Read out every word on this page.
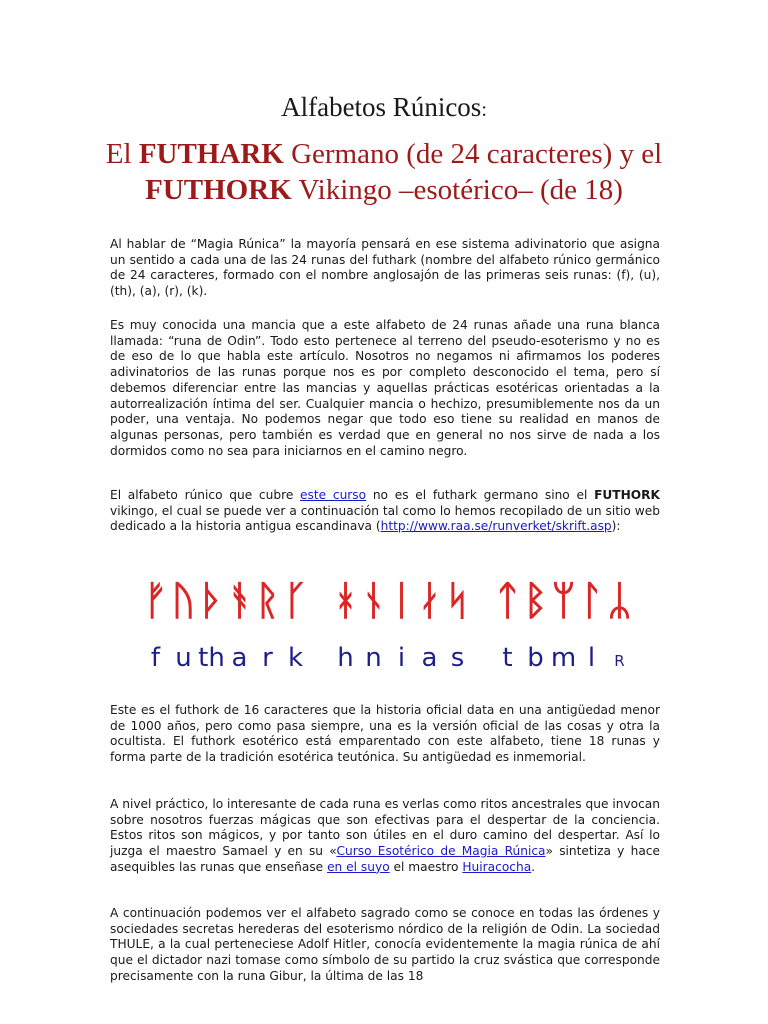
Alfabetos Rúnicos:
El FUTHARK Germano (de 24 caracteres) y el
FUTHORK Vikingo –esotérico– (de 18)

Al hablar de “Magia Rúnica” la mayoría pensará en ese sistema adivinatorio que asigna un sentido a cada una de las 24 runas del futhark (nombre del alfabeto rúnico germánico de 24 caracteres, formado con el nombre anglosajón de las primeras seis runas: (f), (u), (th), (a), (r), (k).

Es muy conocida una mancia que a este alfabeto de 24 runas añade una runa blanca llamada: “runa de Odin”. Todo esto pertenece al terreno del pseudo-esoterismo y no es de eso de lo que habla este artículo. Nosotros no negamos ni afirmamos los poderes adivinatorios de las runas porque nos es por completo desconocido el tema, pero sí debemos diferenciar entre las mancias y aquellas prácticas esotéricas orientadas a la autorrealización íntima del ser. Cualquier mancia o hechizo, presumiblemente nos da un poder, una ventaja. No podemos negar que todo eso tiene su realidad en manos de algunas personas, pero también es verdad que en general no nos sirve de nada a los dormidos como no sea para iniciarnos en el camino negro.

El alfabeto rúnico que cubre este curso no es el futhark germano sino el FUTHORK vikingo, el cual se puede ver a continuación tal como lo hemos recopilado de un sitio web dedicado a la historia antigua escandinava (http://www.raa.se/runverket/skrift.asp):

ᚠ
f
ᚢ
u
ᚦ
th
ᚬ
a
ᚱ
r
ᚴ
k
ᚼ
h
ᚾ
n
ᛁ
i
ᛅ
a
ᛋ
s
ᛏ
t
ᛒ
b
ᛘ
m
ᛚ
l
ᛦ
R

Este es el futhork de 16 caracteres que la historia oficial data en una antigüedad menor de 1000 años, pero como pasa siempre, una es la versión oficial de las cosas y otra la ocultista. El futhork esotérico está emparentado con este alfabeto, tiene 18 runas y forma parte de la tradición esotérica teutónica. Su antigüedad es inmemorial.

A nivel práctico, lo interesante de cada runa es verlas como ritos ancestrales que invocan sobre nosotros fuerzas mágicas que son efectivas para el despertar de la conciencia. Estos ritos son mágicos, y por tanto son útiles en el duro camino del despertar. Así lo juzga el maestro Samael y en su «Curso Esotérico de Magia Rúnica» sintetiza y hace asequibles las runas que enseñase en el suyo el maestro Huiracocha.

A continuación podemos ver el alfabeto sagrado como se conoce en todas las órdenes y sociedades secretas herederas del esoterismo nórdico de la religión de Odin. La sociedad THULE, a la cual perteneciese Adolf Hitler, conocía evidentemente la magia rúnica de ahí que el dictador nazi tomase como símbolo de su partido la cruz svástica que corresponde precisamente con la runa Gibur, la última de las 18
